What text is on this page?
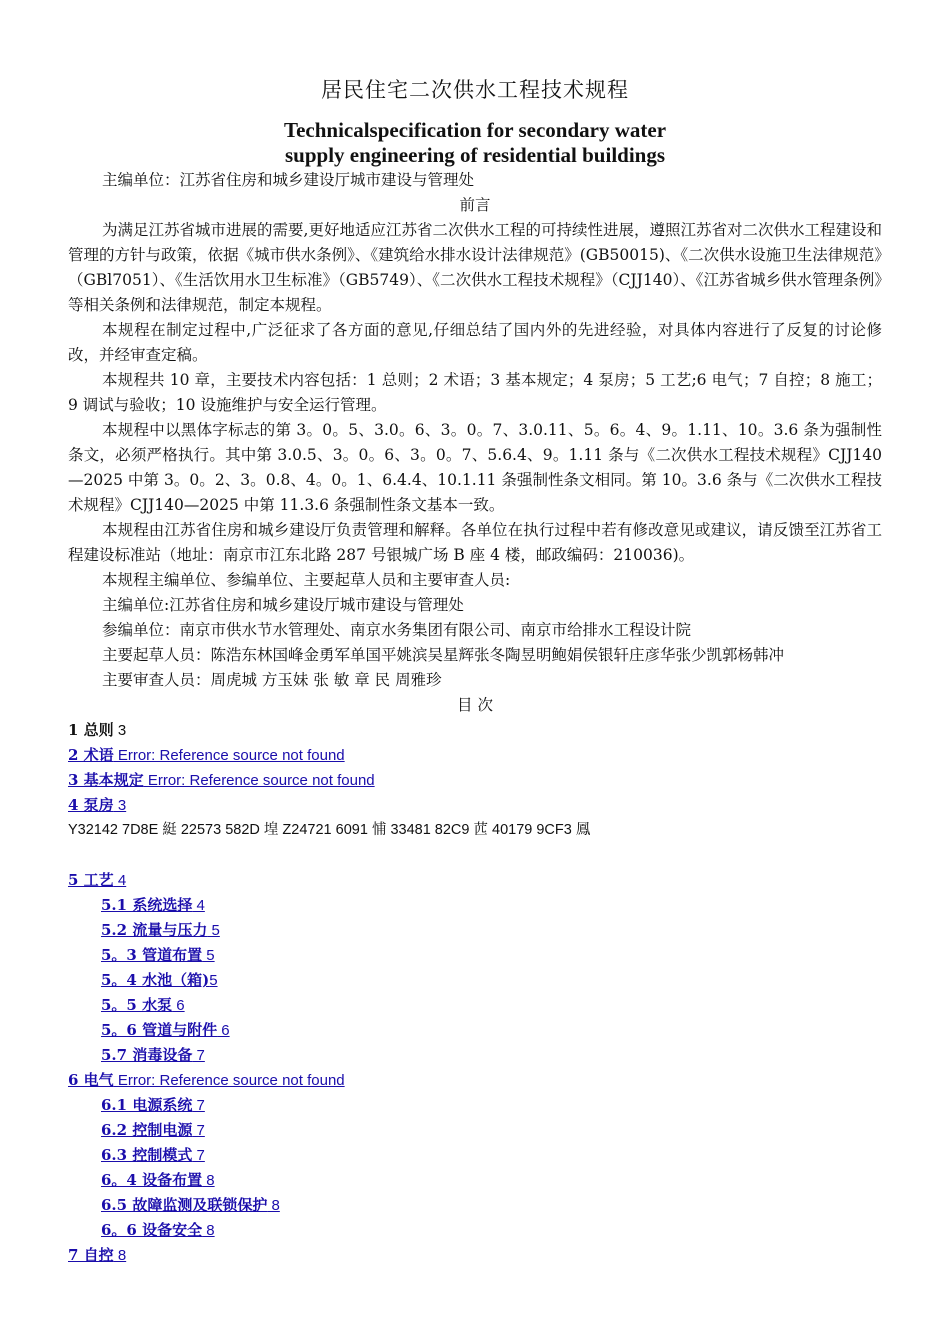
居民住宅二次供水工程技术规程
Technicalspecification for secondary water
supply engineering of residential buildings

主编单位：江苏省住房和城乡建设厅城市建设与管理处

前言

为满足江苏省城市进展的需要,更好地适应江苏省二次供水工程的可持续性进展，遵照江苏省对二次供水工程建设和管理的方针与政策，依据《城市供水条例》、《建筑给水排水设计法律规范》(GB50015)、《二次供水设施卫生法律规范》（GBl7051）、《生活饮用水卫生标准》（GB5749）、《二次供水工程技术规程》（CJJ140）、《江苏省城乡供水管理条例》等相关条例和法律规范，制定本规程。

本规程在制定过程中,广泛征求了各方面的意见,仔细总结了国内外的先进经验，对具体内容进行了反复的讨论修改，并经审查定稿。

本规程共 10 章，主要技术内容包括：1 总则；2 术语；3 基本规定；4 泵房；5 工艺;6 电气；7 自控；8 施工；9 调试与验收；10 设施维护与安全运行管理。

本规程中以黑体字标志的第 3。0。5、3.0。6、3。0。7、3.0.11、5。6。4、9。1.11、10。3.6 条为强制性条文，必须严格执行。其中第 3.0.5、3。0。6、3。0。7、5.6.4、9。1.11 条与《二次供水工程技术规程》CJJ140—2025 中第 3。0。2、3。0.8、4。0。1、6.4.4、10.1.11 条强制性条文相同。第 10。3.6 条与《二次供水工程技术规程》CJJ140—2025 中第 11.3.6 条强制性条文基本一致。

本规程由江苏省住房和城乡建设厅负责管理和解释。各单位在执行过程中若有修改意见或建议，请反馈至江苏省工程建设标准站（地址：南京市江东北路 287 号银城广场 B 座 4 楼，邮政编码：210036)。

本规程主编单位、参编单位、主要起草人员和主要审查人员:

主编单位:江苏省住房和城乡建设厅城市建设与管理处

参编单位：南京市供水节水管理处、南京水务集团有限公司、南京市给排水工程设计院

主要起草人员：陈浩东林国峰金勇军单国平姚滨吴星辉张冬陶昱明鲍娟侯银轩庄彦华张少凯郭杨韩冲

主要审查人员：周虎城 方玉妹 张 敏 章 民 周雅珍

目 次

1 总则 3

2 术语 Error: Reference source not found

3 基本规定 Error: Reference source not found

4 泵房 3

Y32142 7D8E 綎 22573 582D 堭 Z24721 6091 悑 33481 82C9 苉 40179 9CF3 鳳

5 工艺 4

5.1 系统选择 4

5.2 流量与压力 5

5。3 管道布置 5

5。4 水池（箱)5

5。5 水泵 6

5。6 管道与附件 6

5.7 消毒设备 7

6 电气 Error: Reference source not found

6.1 电源系统 7

6.2 控制电源 7

6.3 控制模式 7

6。4 设备布置 8

6.5 故障监测及联锁保护 8

6。6 设备安全 8

7 自控 8
